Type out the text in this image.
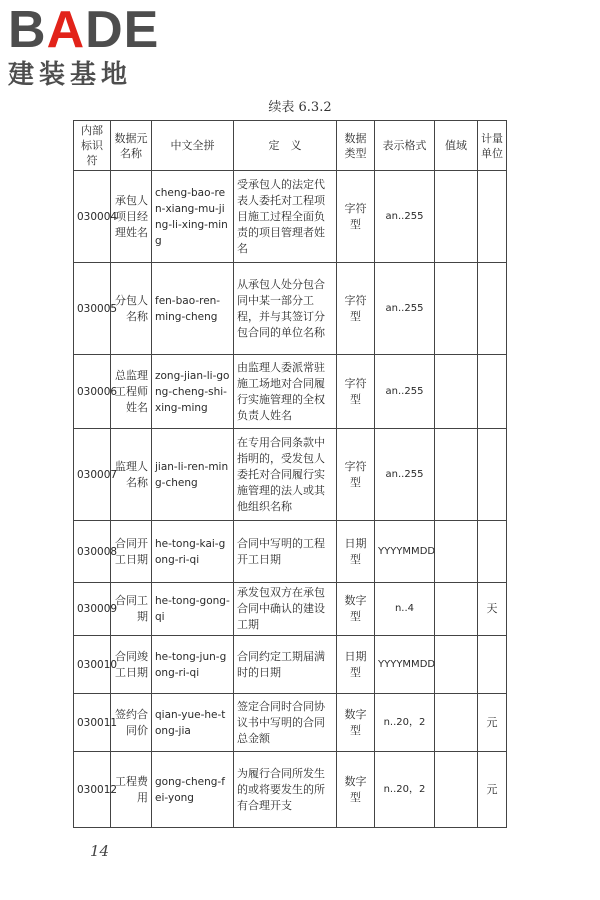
BADE
建装基地
续表 6.3.2
内部标识符	数据元名称	中文全拼	定　义	数据类型	表示格式	值域	计量单位
030004	承包人项目经理姓名	cheng-bao-ren-xiang-mu-jing-li-xing-ming	受承包人的法定代表人委托对工程项目施工过程全面负责的项目管理者姓名	字符型	an..255		
030005	分包人名称	fen-bao-ren-ming-cheng	从承包人处分包合同中某一部分工程，并与其签订分包合同的单位名称	字符型	an..255		
030006	总监理工程师姓名	zong-jian-li-gong-cheng-shi-xing-ming	由监理人委派常驻施工场地对合同履行实施管理的全权负责人姓名	字符型	an..255		
030007	监理人名称	jian-li-ren-ming-cheng	在专用合同条款中指明的，受发包人委托对合同履行实施管理的法人或其他组织名称	字符型	an..255		
030008	合同开工日期	he-tong-kai-gong-ri-qi	合同中写明的工程开工日期	日期型	YYYYMMDD		
030009	合同工期	he-tong-gong-qi	承发包双方在承包合同中确认的建设工期	数字型	n..4		天
030010	合同竣工日期	he-tong-jun-gong-ri-qi	合同约定工期届满时的日期	日期型	YYYYMMDD		
030011	签约合同价	qian-yue-he-tong-jia	签定合同时合同协议书中写明的合同总金额	数字型	n..20，2		元
030012	工程费用	gong-cheng-fei-yong	为履行合同所发生的或将要发生的所有合理开支	数字型	n..20，2		元
14
